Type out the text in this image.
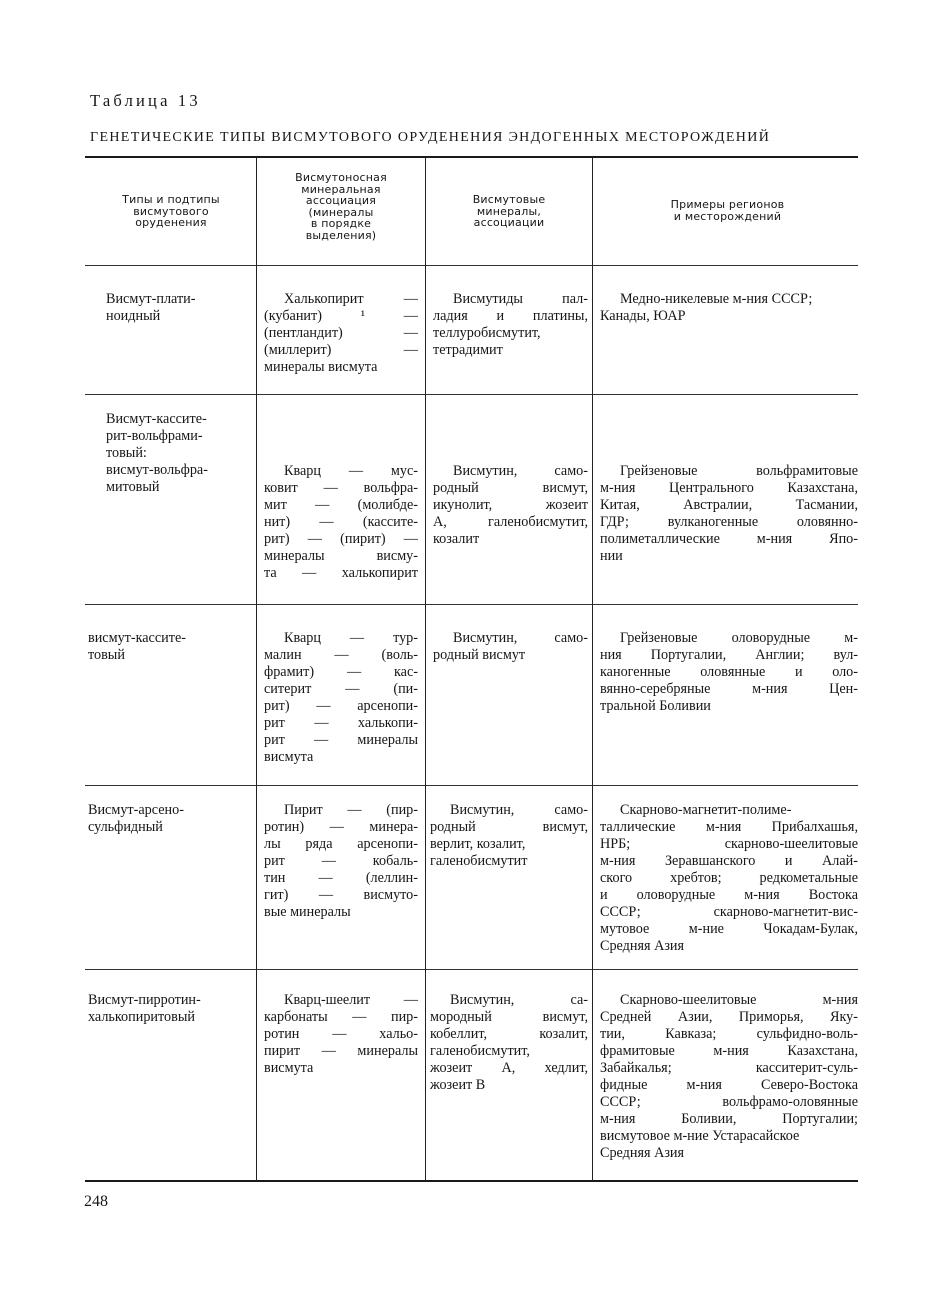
Таблица 13
ГЕНЕТИЧЕСКИЕ ТИПЫ ВИСМУТОВОГО ОРУДЕНЕНИЯ ЭНДОГЕННЫХ МЕСТОРОЖДЕНИЙ
Типы и подтипы
висмутового
оруденения
Висмутоносная
минеральная
ассоциация
(минералы
в порядке
выделения)
Висмутовые
минералы,
ассоциации
Примеры регионов
и месторождений
Висмут-плати-
ноидный
Халькопирит —
(кубанит) ¹ —
(пентландит) —
(миллерит) —
минералы висмута
Висмутиды пал-
ладия и платины,
теллуробисмутит,
тетрадимит
Медно-никелевые м-ния СССР;
Канады, ЮАР
Висмут-кассите-
рит-вольфрами-
товый:
висмут-вольфра-
митовый
Кварц — мус-
ковит — вольфра-
мит — (молибде-
нит) — (кассите-
рит) — (пирит) —
минералы висму-
та — халькопирит
Висмутин, само-
родный висмут,
икунолит, жозеит
А, галенобисмутит,
козалит
Грейзеновые вольфрамитовые
м-ния Центрального Казахстана,
Китая, Австралии, Тасмании,
ГДР; вулканогенные оловянно-
полиметаллические м-ния Япо-
нии
висмут-кассите-
товый
Кварц — тур-
малин — (воль-
фрамит) — кас-
ситерит — (пи-
рит) — арсенопи-
рит — халькопи-
рит — минералы
висмута
Висмутин, само-
родный висмут
Грейзеновые оловорудные м-
ния Португалии, Англии; вул-
каногенные оловянные и оло-
вянно-серебряные м-ния Цен-
тральной Боливии
Висмут-арсено-
сульфидный
Пирит — (пир-
ротин) — минера-
лы ряда арсенопи-
рит — кобаль-
тин — (леллин-
гит) — висмуто-
вые минералы
Висмутин, само-
родный висмут,
верлит, козалит,
галенобисмутит
Скарново-магнетит-полиме-
таллические м-ния Прибалхашья,
НРБ; скарново-шеелитовые
м-ния Зеравшанского и Алай-
ского хребтов; редкометальные
и оловорудные м-ния Востока
СССР; скарново-магнетит-вис-
мутовое м-ние Чокадам-Булак,
Средняя Азия
Висмут-пирротин-
халькопиритовый
Кварц-шеелит —
карбонаты — пир-
ротин — хальо-
пирит — минералы
висмута
Висмутин, са-
мородный висмут,
кобеллит, козалит,
галенобисмутит,
жозеит А, хедлит,
жозеит В
Скарново-шеелитовые м-ния
Средней Азии, Приморья, Яку-
тии, Кавказа; сульфидно-воль-
фрамитовые м-ния Казахстана,
Забайкалья; касситерит-суль-
фидные м-ния Северо-Востока
СССР; вольфрамо-оловянные
м-ния Боливии, Португалии;
висмутовое м-ние Устарасайское
Средняя Азия
248
